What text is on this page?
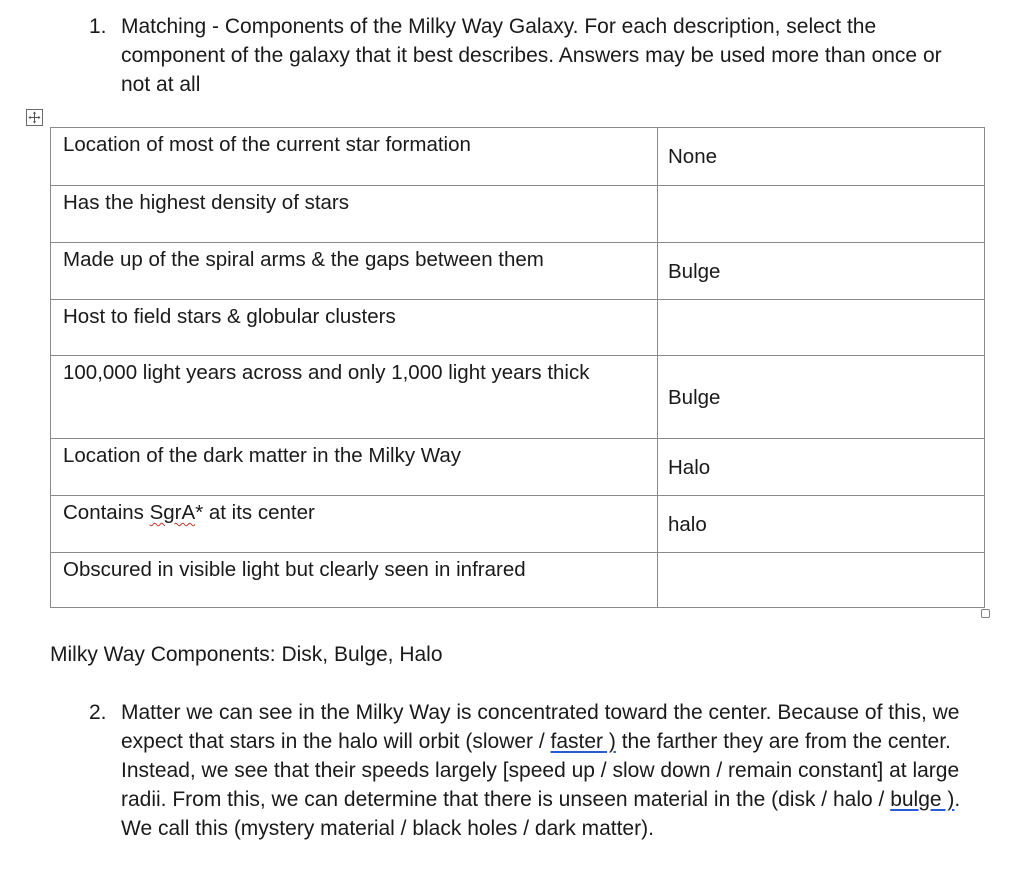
1. Matching - Components of the Milky Way Galaxy. For each description, select the component of the galaxy that it best describes. Answers may be used more than once or not at all
Location of most of the current star formation	None

Has the highest density of stars	

Made up of the spiral arms & the gaps between them	Bulge

Host to field stars & globular clusters	

100,000 light years across and only 1,000 light years thick	Bulge

Location of the dark matter in the Milky Way	Halo

Contains SgrA* at its center	halo

Obscured in visible light but clearly seen in infrared	

Milky Way Components: Disk, Bulge, Halo
2. Matter we can see in the Milky Way is concentrated toward the center. Because of this, we expect that stars in the halo will orbit (slower / faster ) the farther they are from the center. Instead, we see that their speeds largely [speed up / slow down / remain constant] at large radii. From this, we can determine that there is unseen material in the (disk / halo / bulge ). We call this (mystery material / black holes / dark matter).
